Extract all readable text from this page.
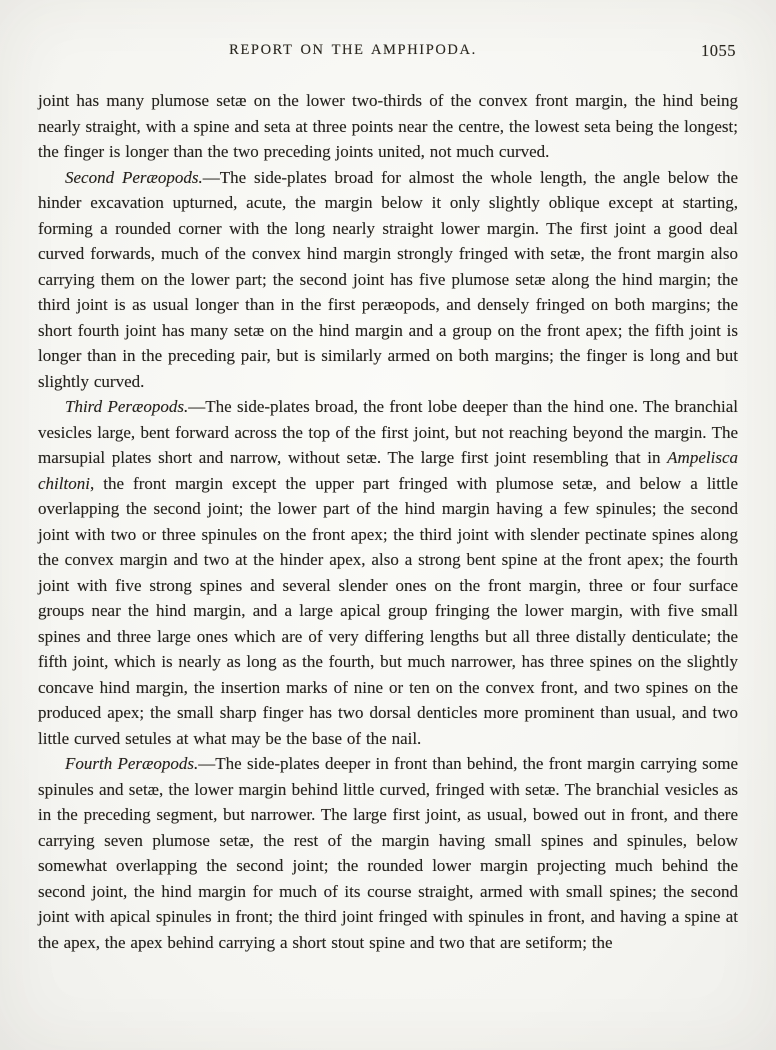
REPORT ON THE AMPHIPODA.	1055

joint has many plumose setæ on the lower two-thirds of the convex front margin, the hind being nearly straight, with a spine and seta at three points near the centre, the lowest seta being the longest; the finger is longer than the two preceding joints united, not much curved.

Second Peræopods.—The side-plates broad for almost the whole length, the angle below the hinder excavation upturned, acute, the margin below it only slightly oblique except at starting, forming a rounded corner with the long nearly straight lower margin. The first joint a good deal curved forwards, much of the convex hind margin strongly fringed with setæ, the front margin also carrying them on the lower part; the second joint has five plumose setæ along the hind margin; the third joint is as usual longer than in the first peræopods, and densely fringed on both margins; the short fourth joint has many setæ on the hind margin and a group on the front apex; the fifth joint is longer than in the preceding pair, but is similarly armed on both margins; the finger is long and but slightly curved.

Third Peræopods.—The side-plates broad, the front lobe deeper than the hind one. The branchial vesicles large, bent forward across the top of the first joint, but not reaching beyond the margin. The marsupial plates short and narrow, without setæ. The large first joint resembling that in Ampelisca chiltoni, the front margin except the upper part fringed with plumose setæ, and below a little overlapping the second joint; the lower part of the hind margin having a few spinules; the second joint with two or three spinules on the front apex; the third joint with slender pectinate spines along the convex margin and two at the hinder apex, also a strong bent spine at the front apex; the fourth joint with five strong spines and several slender ones on the front margin, three or four surface groups near the hind margin, and a large apical group fringing the lower margin, with five small spines and three large ones which are of very differing lengths but all three distally denticulate; the fifth joint, which is nearly as long as the fourth, but much narrower, has three spines on the slightly concave hind margin, the insertion marks of nine or ten on the convex front, and two spines on the produced apex; the small sharp finger has two dorsal denticles more prominent than usual, and two little curved setules at what may be the base of the nail.

Fourth Peræopods.—The side-plates deeper in front than behind, the front margin carrying some spinules and setæ, the lower margin behind little curved, fringed with setæ. The branchial vesicles as in the preceding segment, but narrower. The large first joint, as usual, bowed out in front, and there carrying seven plumose setæ, the rest of the margin having small spines and spinules, below somewhat overlapping the second joint; the rounded lower margin projecting much behind the second joint, the hind margin for much of its course straight, armed with small spines; the second joint with apical spinules in front; the third joint fringed with spinules in front, and having a spine at the apex, the apex behind carrying a short stout spine and two that are setiform; the
